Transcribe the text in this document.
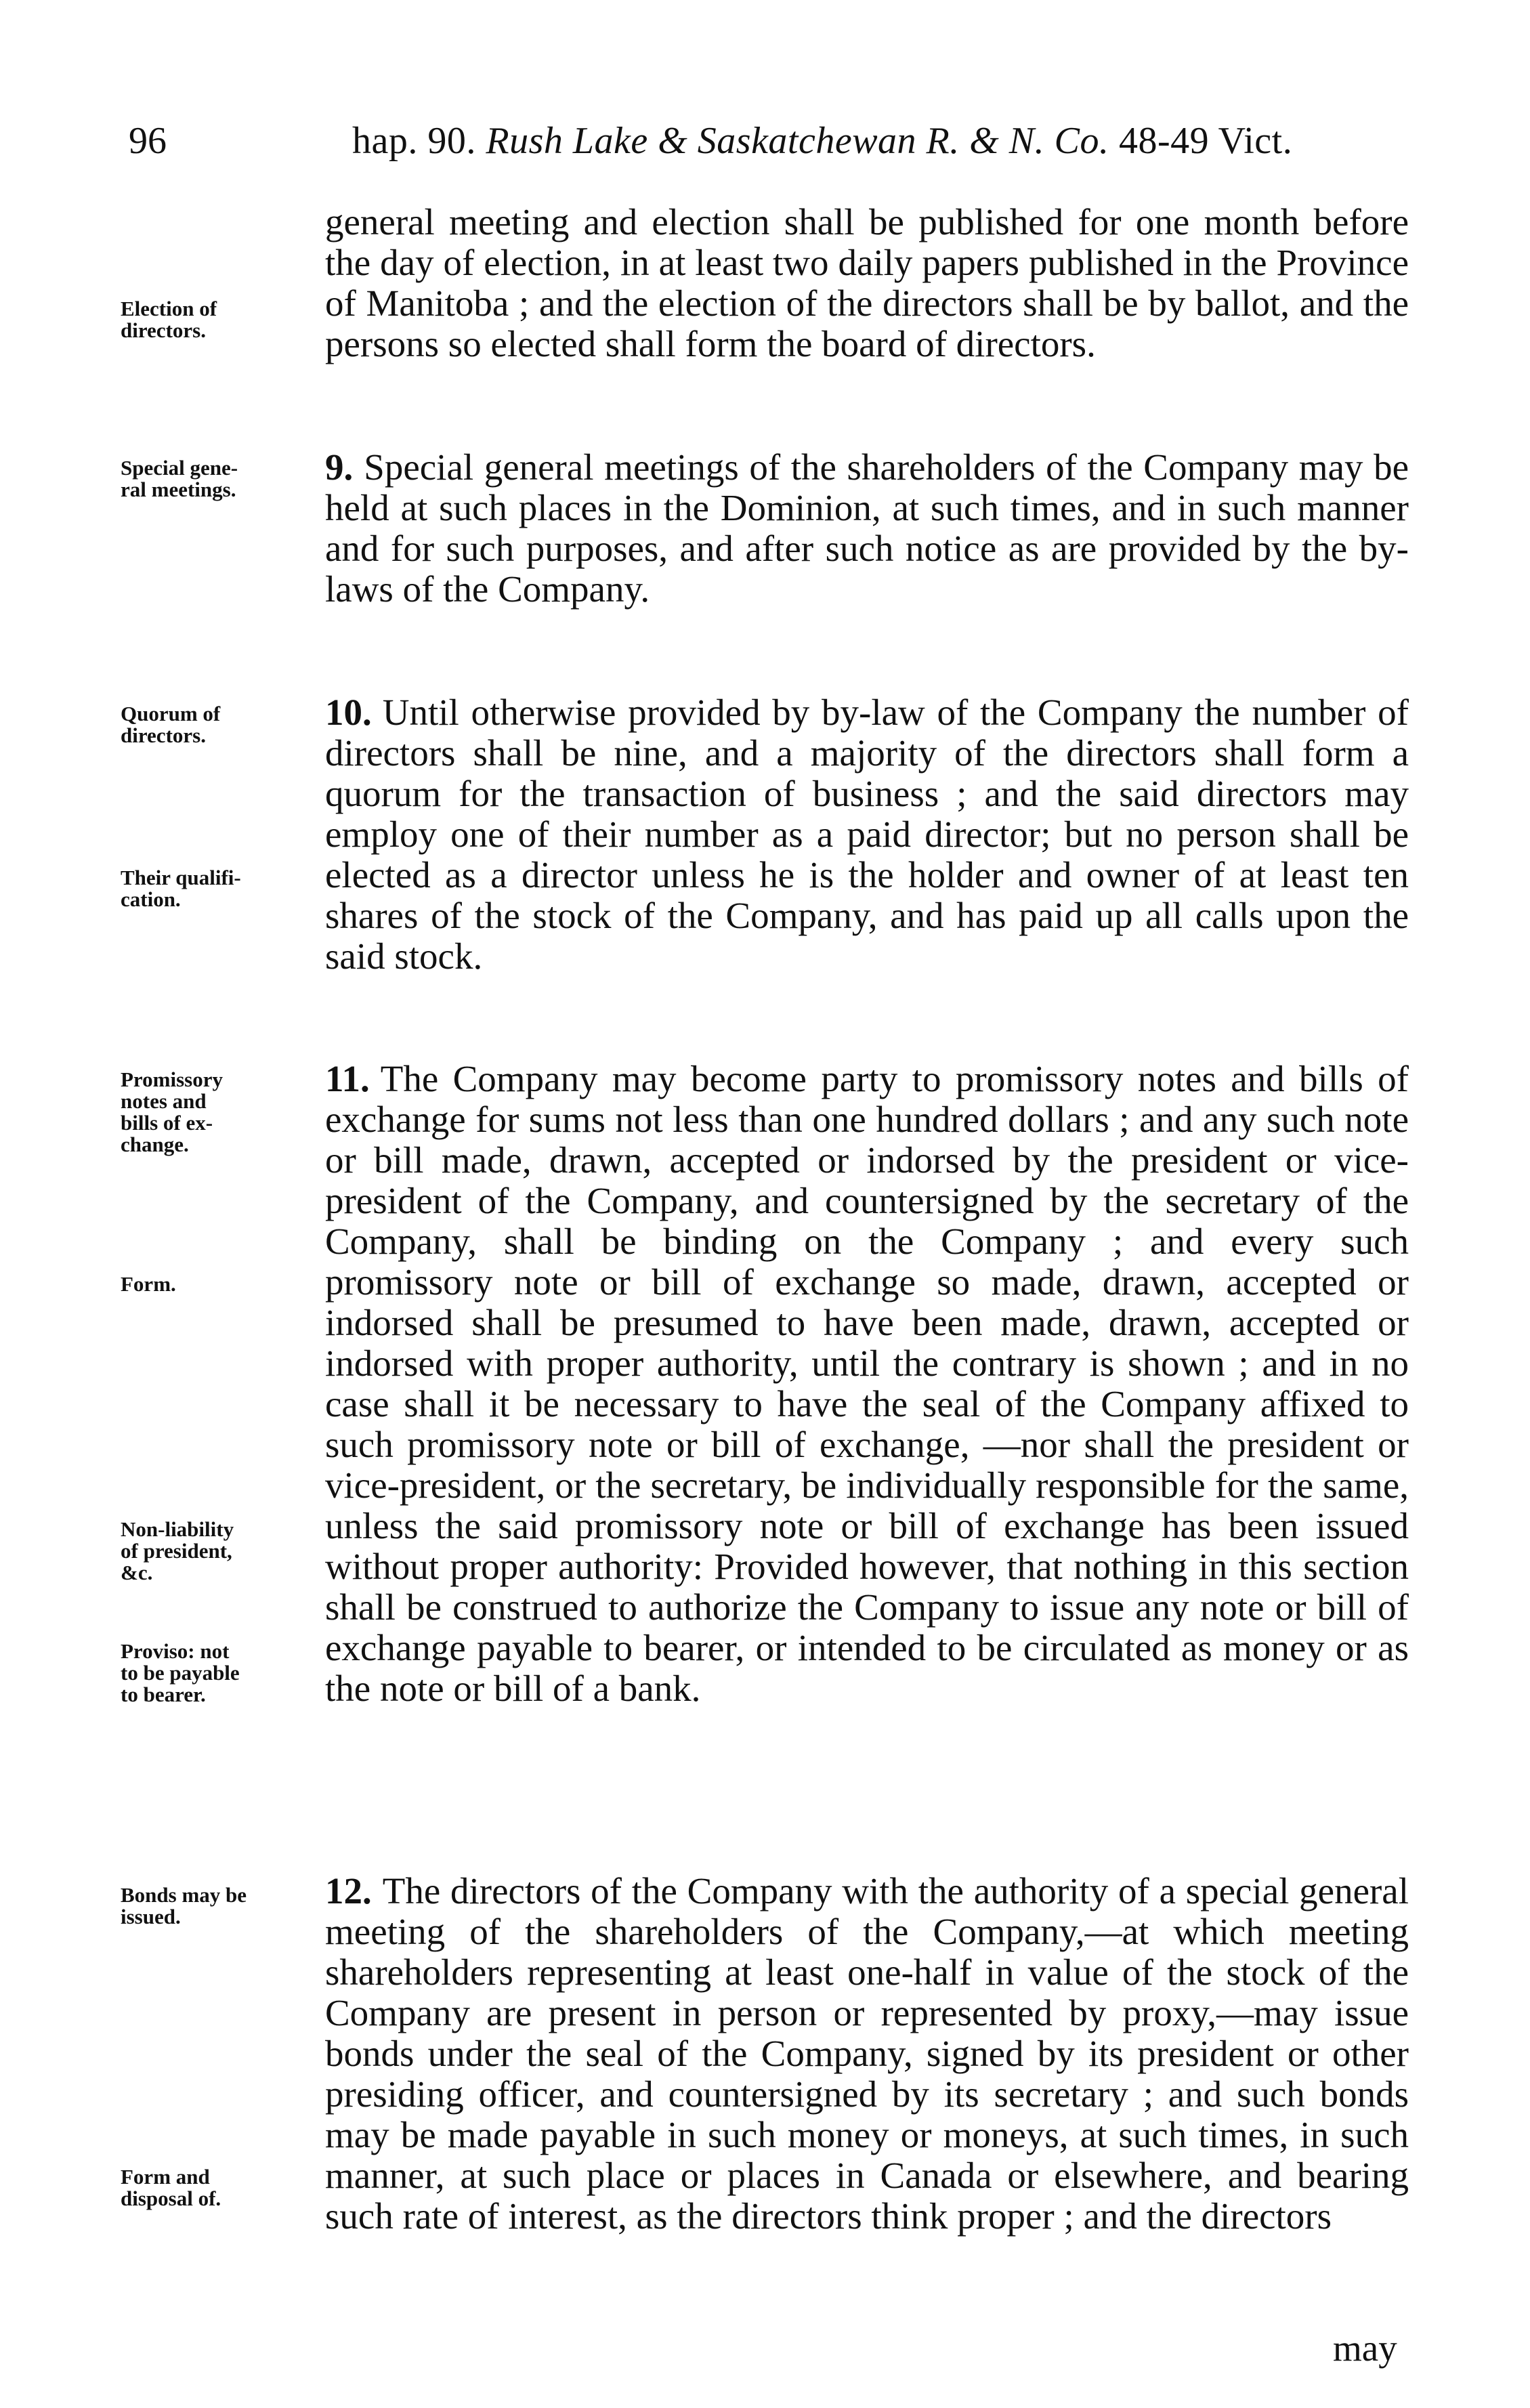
96	hap. 90. Rush Lake & Saskatchewan R. & N. Co. 48-49 Vict.
general meeting and election shall be published for one month before the day of election, in at least two daily papers published in the Province of Manitoba ; and the election of the directors shall be by ballot, and the persons so elected shall form the board of directors.
9. Special general meetings of the shareholders of the Company may be held at such places in the Dominion, at such times, and in such manner and for such purposes, and after such notice as are provided by the by-laws of the Company.
10. Until otherwise provided by by-law of the Company the number of directors shall be nine, and a majority of the directors shall form a quorum for the transaction of business ; and the said directors may employ one of their number as a paid director; but no person shall be elected as a director unless he is the holder and owner of at least ten shares of the stock of the Company, and has paid up all calls upon the said stock.
11. The Company may become party to promissory notes and bills of exchange for sums not less than one hundred dollars ; and any such note or bill made, drawn, accepted or indorsed by the president or vice-president of the Company, and countersigned by the secretary of the Company, shall be binding on the Company ; and every such promissory note or bill of exchange so made, drawn, accepted or indorsed shall be presumed to have been made, drawn, accepted or indorsed with proper authority, until the contrary is shown ; and in no case shall it be necessary to have the seal of the Company affixed to such promissory note or bill of exchange, —nor shall the president or vice-president, or the secretary, be individually responsible for the same, unless the said promissory note or bill of exchange has been issued without proper authority: Provided however, that nothing in this section shall be construed to authorize the Company to issue any note or bill of exchange payable to bearer, or intended to be circulated as money or as the note or bill of a bank.
12. The directors of the Company with the authority of a special general meeting of the shareholders of the Company,—at which meeting shareholders representing at least one-half in value of the stock of the Company are present in person or represented by proxy,—may issue bonds under the seal of the Company, signed by its president or other presiding officer, and countersigned by its secretary ; and such bonds may be made payable in such money or moneys, at such times, in such manner, at such place or places in Canada or elsewhere, and bearing such rate of interest, as the directors think proper ; and the directors
Election of
directors.
Special gene-
ral meetings.
Quorum of
directors.
Their qualifi-
cation.
Promissory
notes and
bills of ex-
change.
Form.
Non-liability
of president,
&c.
Proviso: not
to be payable
to bearer.
Bonds may be
issued.
Form and
disposal of.
may
